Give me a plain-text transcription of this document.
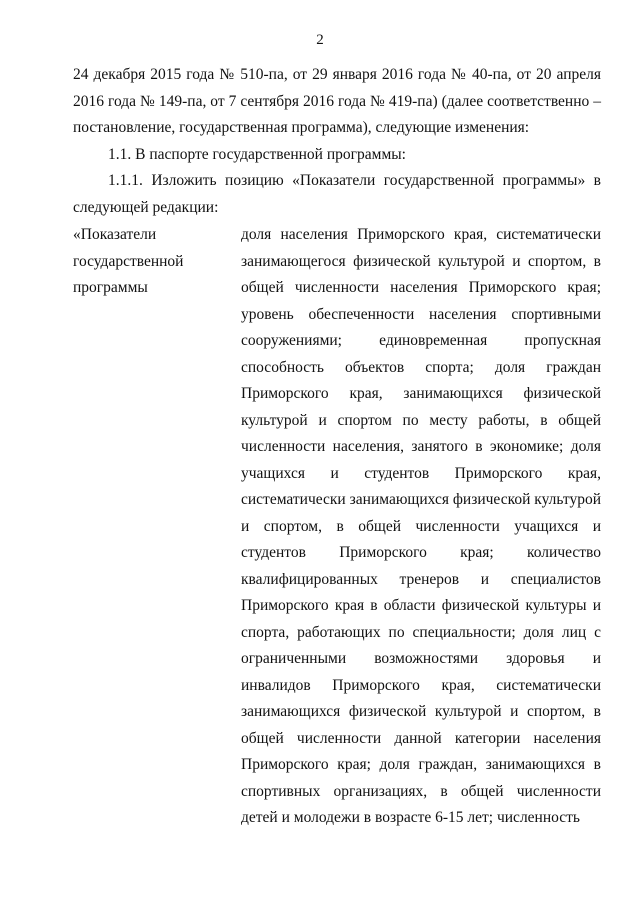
2

24 декабря 2015 года № 510-па, от 29 января 2016 года № 40-па, от 20 апреля 2016 года № 149-па, от 7 сентября 2016 года № 419-па) (далее соответственно – постановление, государственная программа), следующие изменения:

1.1. В паспорте государственной программы:

1.1.1. Изложить позицию «Показатели государственной программы» в следующей редакции:

«Показатели
государственной
программы
доля населения Приморского края, систематически занимающегося физической культурой и спортом, в общей численности населения Приморского края; уровень обеспеченности населения спортивными сооружениями; единовременная пропускная способность объектов спорта; доля граждан Приморского края, занимающихся физической культурой и спортом по месту работы, в общей численности населения, занятого в экономике; доля учащихся и студентов Приморского края, систематически занимающихся физической культурой и спортом, в общей численности учащихся и студентов Приморского края; количество квалифицированных тренеров и специалистов Приморского края в области физической культуры и спорта, работающих по специальности; доля лиц с ограниченными возможностями здоровья и инвалидов Приморского края, систематически занимающихся физической культурой и спортом, в общей численности данной категории населения Приморского края; доля граждан, занимающихся в спортивных организациях, в общей численности детей и молодежи в возрасте 6-15 лет; численность
